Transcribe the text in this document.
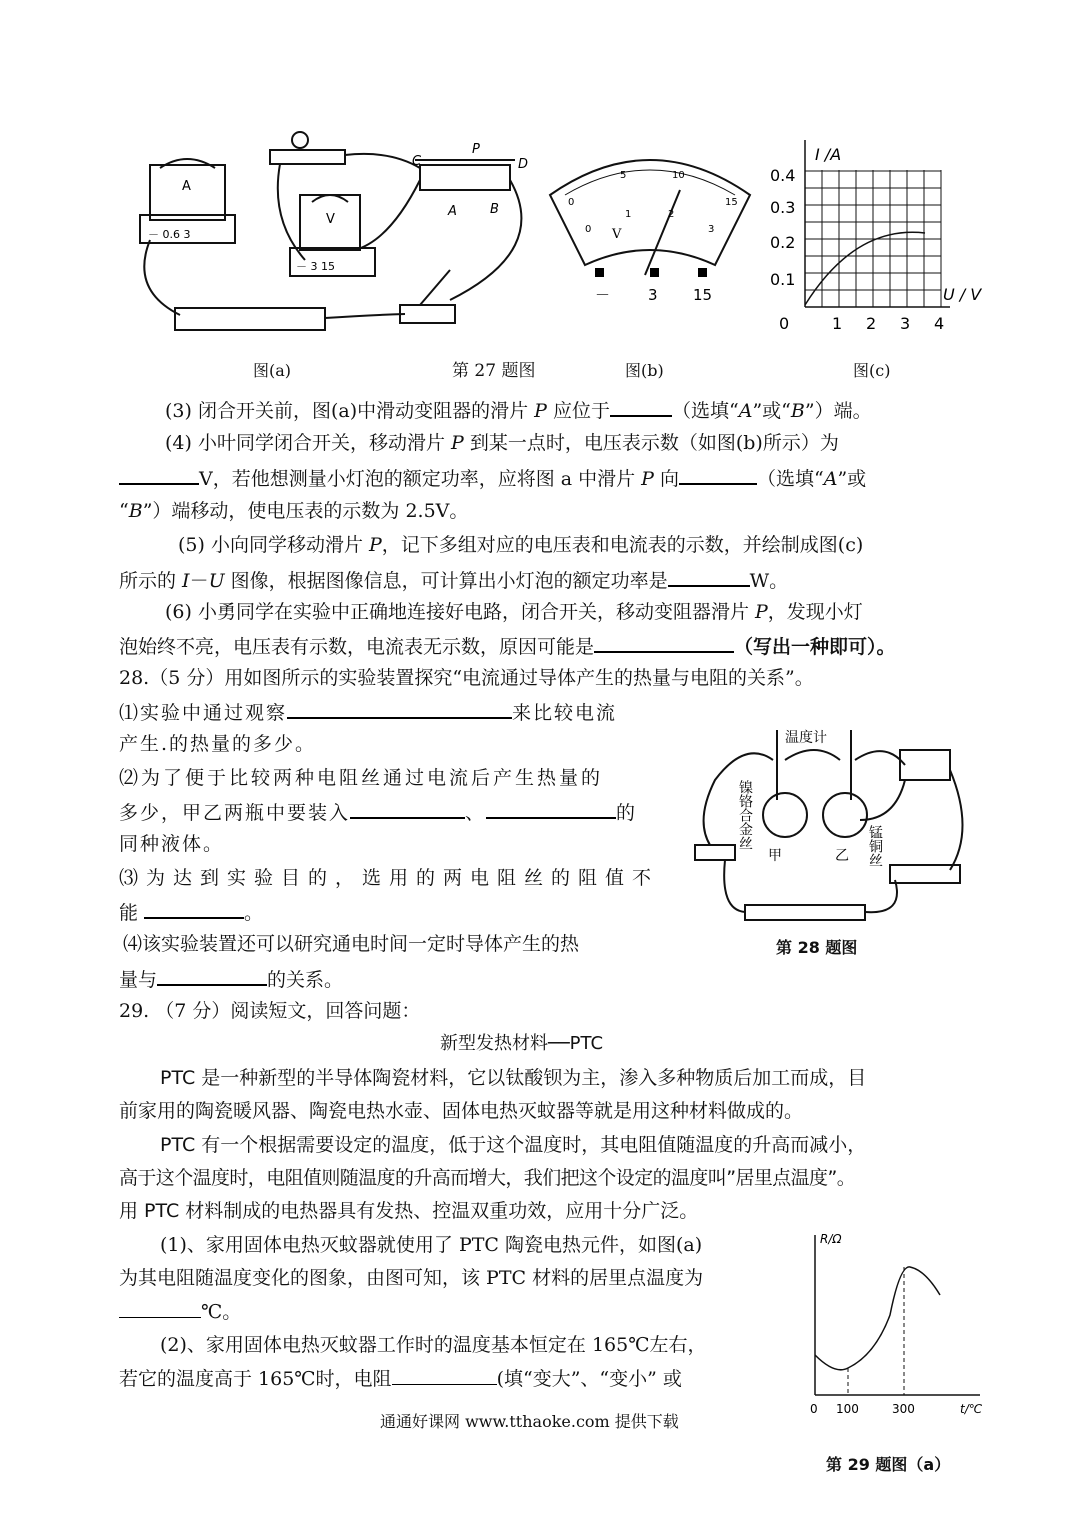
A
－ 0.6 3
V
－ 3 15
C
P
D
A	B	0
5	10
15
0
1	2
3
V
－	3 15
I /A
U / V
0.1
0.2
0.3
0.4
0	1 2 3 4
图(a)	第 27 题图	图(b)	图(c)
(3) 闭合开关前，图(a)中滑动变阻器的滑片 P 应位于	（选填“A”或“B”）端。
(4) 小叶同学闭合开关，移动滑片 P 到某一点时，电压表示数（如图(b)所示）为
V，若他想测量小灯泡的额定功率，应将图 a 中滑片 P 向	（选填“A”或
“B”）端移动，使电压表的示数为 2.5V。
(5) 小向同学移动滑片 P，记下多组对应的电压表和电流表的示数，并绘制成图(c)
所示的 I－U 图像，根据图像信息，可计算出小灯泡的额定功率是	W。
(6) 小勇同学在实验中正确地连接好电路，闭合开关，移动变阻器滑片 P，发现小灯
泡始终不亮，电压表有示数，电流表无示数，原因可能是	（写出一种即可）。
28.（5 分）用如图所示的实验装置探究“电流通过导体产生的热量与电阻的关系”。
⑴实验中通过观察	来比较电流
产生.的热量的多少。
⑵为了便于比较两种电阻丝通过电流后产生热量的
多少，甲乙两瓶中要装入	、	的
同种液体。
⑶为达到实验目的，选用的两电阻丝的阻值不
能	。
⑷该实验装置还可以研究通电时间一定时导体产生的热
量与	的关系。
温度计
甲	乙
镍铬合金丝	锰铜丝
第 28 题图
29. （7 分）阅读短文，回答问题：
新型发热材料──PTC
PTC 是一种新型的半导体陶瓷材料，它以钛酸钡为主，渗入多种物质后加工而成，目
前家用的陶瓷暖风器、陶瓷电热水壶、固体电热灭蚊器等就是用这种材料做成的。
PTC 有一个根据需要设定的温度，低于这个温度时，其电阻值随温度的升高而减小，
高于这个温度时，电阻值则随温度的升高而增大，我们把这个设定的温度叫”居里点温度”。
用 PTC 材料制成的电热器具有发热、控温双重功效，应用十分广泛。
(1)、家用固体电热灭蚊器就使用了 PTC 陶瓷电热元件，如图(a)
为其电阻随温度变化的图象，由图可知，该 PTC 材料的居里点温度为
℃。
(2)、家用固体电热灭蚊器工作时的温度基本恒定在 165℃左右，
若它的温度高于 165℃时，电阻	(填“变大”、“变小” 或
R/Ω
t/℃
0 100	300
第 29 题图（a）
通通好课网 www.tthaoke.com 提供下载
